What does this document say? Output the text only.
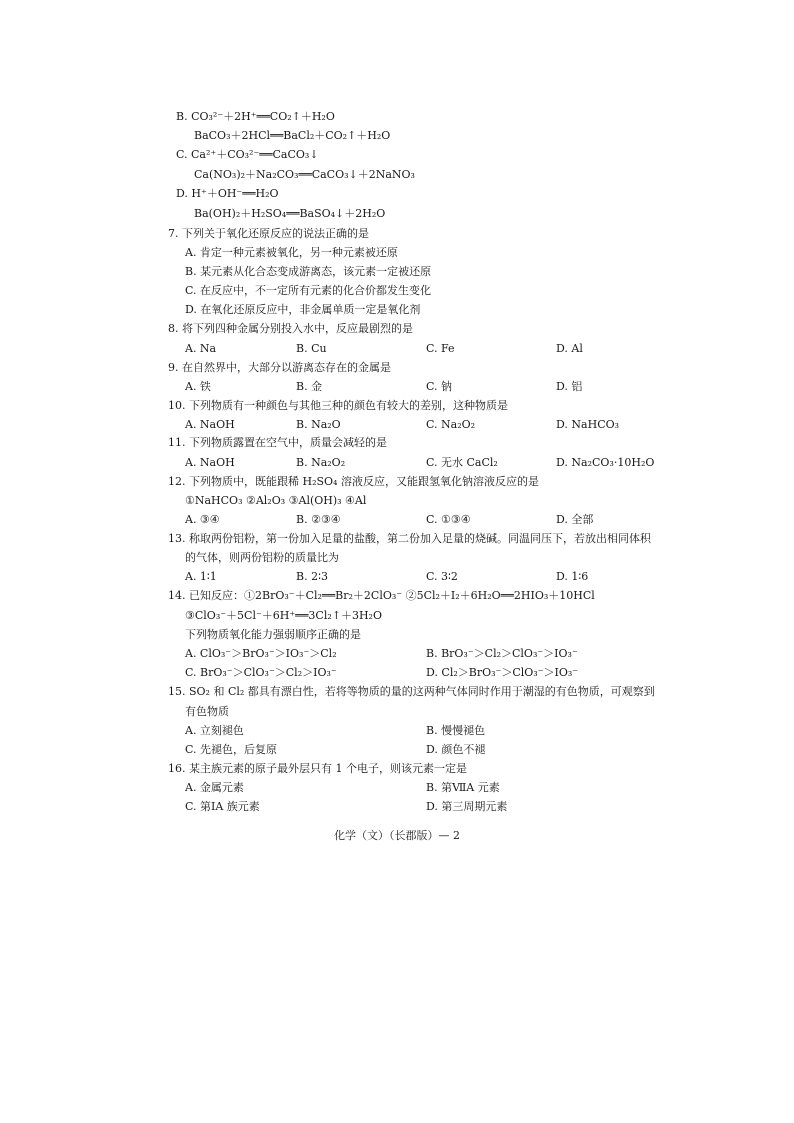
B. CO₃²⁻＋2H⁺══CO₂↑＋H₂O
BaCO₃＋2HCl══BaCl₂＋CO₂↑＋H₂O
C. Ca²⁺＋CO₃²⁻══CaCO₃↓
Ca(NO₃)₂＋Na₂CO₃══CaCO₃↓＋2NaNO₃
D. H⁺＋OH⁻══H₂O
Ba(OH)₂＋H₂SO₄══BaSO₄↓＋2H₂O
7. 下列关于氧化还原反应的说法正确的是
A. 肯定一种元素被氧化，另一种元素被还原
B. 某元素从化合态变成游离态，该元素一定被还原
C. 在反应中，不一定所有元素的化合价都发生变化
D. 在氧化还原反应中，非金属单质一定是氧化剂
8. 将下列四种金属分别投入水中，反应最剧烈的是
A. Na	B. Cu	C. Fe	D. Al
9. 在自然界中，大部分以游离态存在的金属是
A. 铁	B. 金	C. 钠	D. 铝
10. 下列物质有一种颜色与其他三种的颜色有较大的差别，这种物质是
A. NaOH	B. Na₂O	C. Na₂O₂	D. NaHCO₃
11. 下列物质露置在空气中，质量会减轻的是
A. NaOH	B. Na₂O₂	C. 无水 CaCl₂	D. Na₂CO₃·10H₂O
12. 下列物质中，既能跟稀 H₂SO₄ 溶液反应，又能跟氢氧化钠溶液反应的是
①NaHCO₃ ②Al₂O₃ ③Al(OH)₃ ④Al
A. ③④	B. ②③④	C. ①③④	D. 全部
13. 称取两份铝粉，第一份加入足量的盐酸，第二份加入足量的烧碱。同温同压下，若放出相同体积
的气体，则两份铝粉的质量比为
A. 1∶1	B. 2∶3	C. 3∶2	D. 1∶6
14. 已知反应：①2BrO₃⁻＋Cl₂══Br₂＋2ClO₃⁻ ②5Cl₂＋I₂＋6H₂O══2HIO₃＋10HCl
③ClO₃⁻＋5Cl⁻＋6H⁺══3Cl₂↑＋3H₂O
下列物质氧化能力强弱顺序正确的是
A. ClO₃⁻＞BrO₃⁻＞IO₃⁻＞Cl₂	B. BrO₃⁻＞Cl₂＞ClO₃⁻＞IO₃⁻
C. BrO₃⁻＞ClO₃⁻＞Cl₂＞IO₃⁻	D. Cl₂＞BrO₃⁻＞ClO₃⁻＞IO₃⁻
15. SO₂ 和 Cl₂ 都具有漂白性，若将等物质的量的这两种气体同时作用于潮湿的有色物质，可观察到
有色物质
A. 立刻褪色	B. 慢慢褪色
C. 先褪色，后复原	D. 颜色不褪
16. 某主族元素的原子最外层只有 1 个电子，则该元素一定是
A. 金属元素	B. 第ⅦA 元素
C. 第ⅠA 族元素	D. 第三周期元素
化学（文）（长郡版）— 2
